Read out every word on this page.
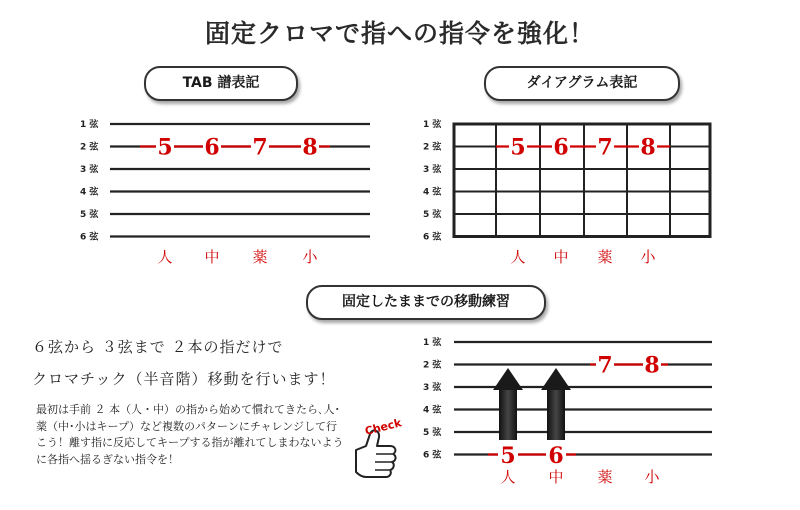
固定クロマで指への指令を強化！
TAB 譜表記	ダイアグラム表記
固定したままでの移動練習
1 弦
2 弦
3 弦
4 弦
5 弦
6 弦
5 6 7 8
人 中 薬 小
1 弦
2 弦
3 弦
4 弦
5 弦
6 弦
5 6 7 8
人 中 薬 小
1 弦
2 弦
3 弦
4 弦
5 弦
6 弦
7 8
5 6
人 中 薬 小
Check
６弦から ３弦まで ２本の指だけで
クロマチック（半音階）移動を行います！
最初は手前 ２ 本（人・中）の指から始めて慣れてきたら､人･薬（中･小はキープ）など複数のパターンにチャレンジして行こう！離す指に反応してキープする指が離れてしまわないように各指へ揺るぎない指令を！
